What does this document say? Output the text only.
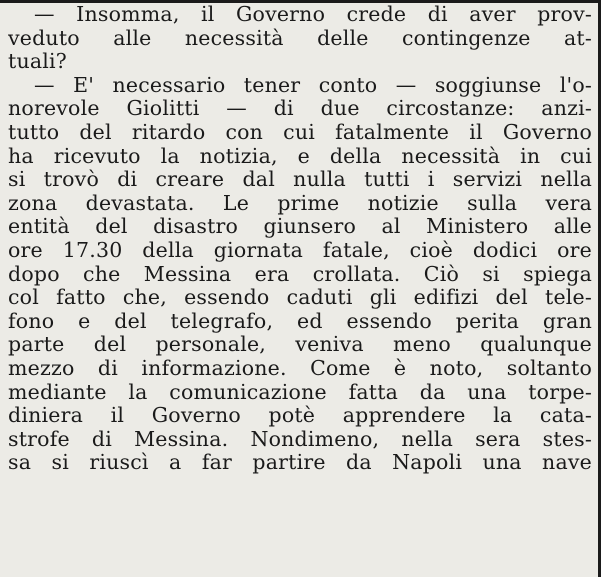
— Insomma, il Governo crede di aver prov-
veduto alle necessità delle contingenze at-
tuali?

— E' necessario tener conto — soggiunse l'o-
norevole Giolitti — di due circostanze: anzi-
tutto del ritardo con cui fatalmente il Governo
ha ricevuto la notizia, e della necessità in cui
si trovò di creare dal nulla tutti i servizi nella
zona devastata. Le prime notizie sulla vera
entità del disastro giunsero al Ministero alle
ore 17.30 della giornata fatale, cioè dodici ore
dopo che Messina era crollata. Ciò si spiega
col fatto che, essendo caduti gli edifizi del tele-
fono e del telegrafo, ed essendo perita gran
parte del personale, veniva meno qualunque
mezzo di informazione. Come è noto, soltanto
mediante la comunicazione fatta da una torpe-
diniera il Governo potè apprendere la cata-
strofe di Messina. Nondimeno, nella sera stes-
sa si riuscì a far partire da Napoli una nave
